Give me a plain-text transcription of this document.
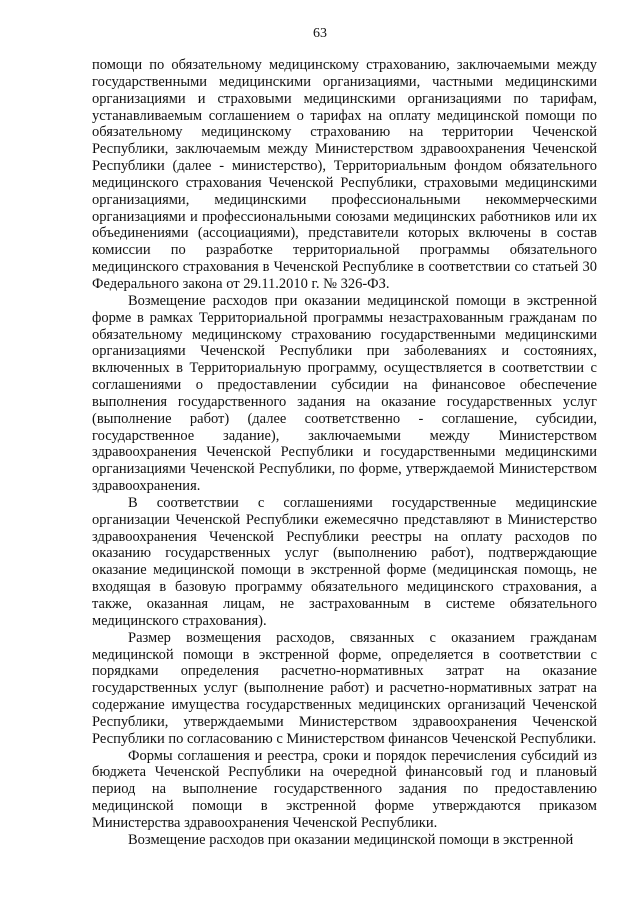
63

помощи по обязательному медицинскому страхованию, заключаемыми между государственными медицинскими организациями, частными медицинскими организациями и страховыми медицинскими организациями по тарифам, устанавливаемым соглашением о тарифах на оплату медицинской помощи по обязательному медицинскому страхованию на территории Чеченской Республики, заключаемым между Министерством здравоохранения Чеченской Республики (далее - министерство), Территориальным фондом обязательного медицинского страхования Чеченской Республики, страховыми медицинскими организациями, медицинскими профессиональными некоммерческими организациями и профессиональными союзами медицинских работников или их объединениями (ассоциациями), представители которых включены в состав комиссии по разработке территориальной программы обязательного медицинского страхования в Чеченской Республике в соответствии со статьей 30 Федерального закона от 29.11.2010 г. № 326-ФЗ.

Возмещение расходов при оказании медицинской помощи в экстренной форме в рамках Территориальной программы незастрахованным гражданам по обязательному медицинскому страхованию государственными медицинскими организациями Чеченской Республики при заболеваниях и состояниях, включенных в Территориальную программу, осуществляется в соответствии с соглашениями о предоставлении субсидии на финансовое обеспечение выполнения государственного задания на оказание государственных услуг (выполнение работ) (далее соответственно - соглашение, субсидии, государственное задание), заключаемыми между Министерством здравоохранения Чеченской Республики и государственными медицинскими организациями Чеченской Республики, по форме, утверждаемой Министерством здравоохранения.

В соответствии с соглашениями государственные медицинские организации Чеченской Республики ежемесячно представляют в Министерство здравоохранения Чеченской Республики реестры на оплату расходов по оказанию государственных услуг (выполнению работ), подтверждающие оказание медицинской помощи в экстренной форме (медицинская помощь, не входящая в базовую программу обязательного медицинского страхования, а также, оказанная лицам, не застрахованным в системе обязательного медицинского страхования).

Размер возмещения расходов, связанных с оказанием гражданам медицинской помощи в экстренной форме, определяется в соответствии с порядками определения расчетно-нормативных затрат на оказание государственных услуг (выполнение работ) и расчетно-нормативных затрат на содержание имущества государственных медицинских организаций Чеченской Республики, утверждаемыми Министерством здравоохранения Чеченской Республики по согласованию с Министерством финансов Чеченской Республики.

Формы соглашения и реестра, сроки и порядок перечисления субсидий из бюджета Чеченской Республики на очередной финансовый год и плановый период на выполнение государственного задания по предоставлению медицинской помощи в экстренной форме утверждаются приказом Министерства здравоохранения Чеченской Республики.

Возмещение расходов при оказании медицинской помощи в экстренной
